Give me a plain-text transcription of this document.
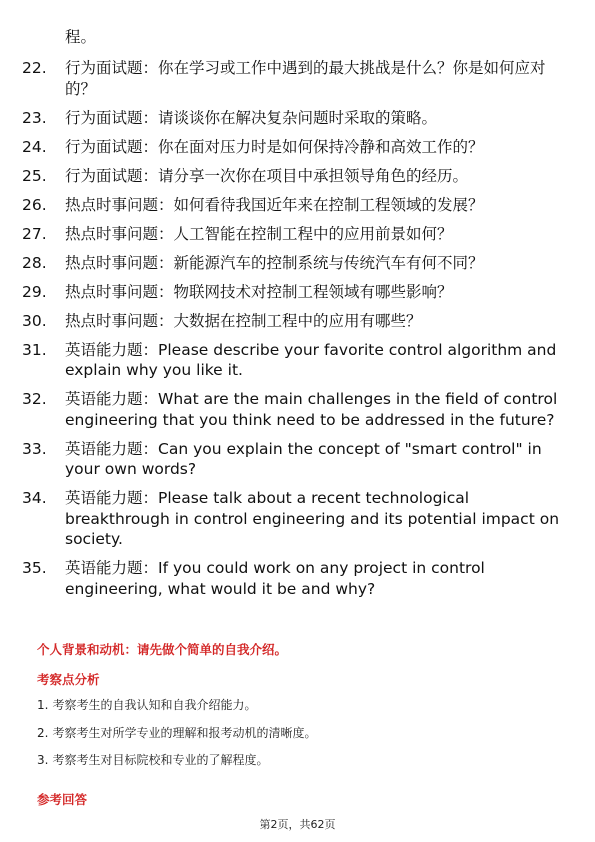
程。
22.	行为面试题：你在学习或工作中遇到的最大挑战是什么？你是如何应对的？
23.	行为面试题：请谈谈你在解决复杂问题时采取的策略。
24.	行为面试题：你在面对压力时是如何保持冷静和高效工作的？
25.	行为面试题：请分享一次你在项目中承担领导角色的经历。
26.	热点时事问题：如何看待我国近年来在控制工程领域的发展？
27.	热点时事问题：人工智能在控制工程中的应用前景如何？
28.	热点时事问题：新能源汽车的控制系统与传统汽车有何不同？
29.	热点时事问题：物联网技术对控制工程领域有哪些影响？
30.	热点时事问题：大数据在控制工程中的应用有哪些？
31.	英语能力题：Please describe your favorite control algorithm and explain why you like it.
32.	英语能力题：What are the main challenges in the field of control engineering that you think need to be addressed in the future?
33.	英语能力题：Can you explain the concept of "smart control" in your own words?
34.	英语能力题：Please talk about a recent technological breakthrough in control engineering and its potential impact on society.
35.	英语能力题：If you could work on any project in control engineering, what would it be and why?
个人背景和动机：请先做个简单的自我介绍。
考察点分析
1. 考察考生的自我认知和自我介绍能力。
2. 考察考生对所学专业的理解和报考动机的清晰度。
3. 考察考生对目标院校和专业的了解程度。
参考回答
第2页，共62页
